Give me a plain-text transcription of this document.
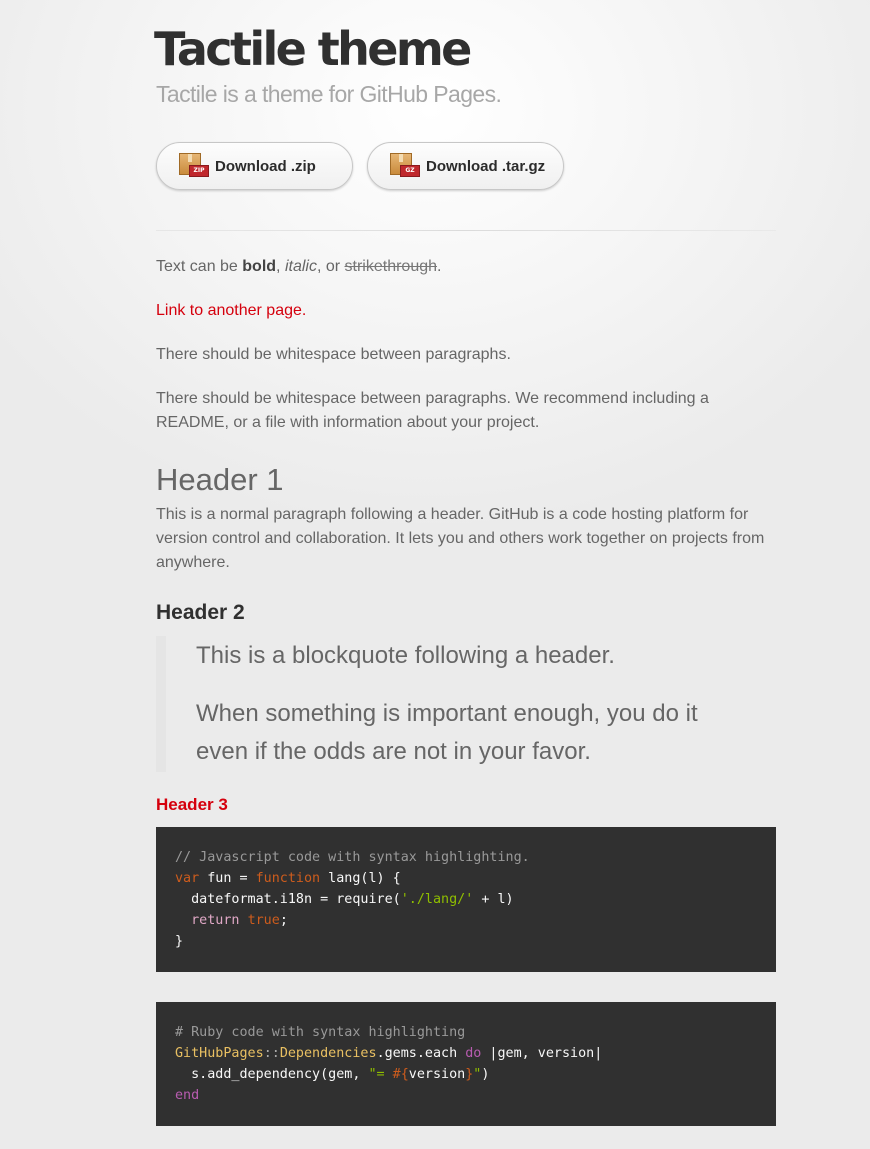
Tactile theme
Tactile is a theme for GitHub Pages.
ZIP Download .zip	GZ Download .tar.gz

Text can be bold, italic, or strikethrough.

Link to another page.

There should be whitespace between paragraphs.

There should be whitespace between paragraphs. We recommend including a README, or a file with information about your project.

Header 1

This is a normal paragraph following a header. GitHub is a code hosting platform for version control and collaboration. It lets you and others work together on projects from anywhere.

Header 2

This is a blockquote following a header.

When something is important enough, you do it

even if the odds are not in your favor.

Header 3
// Javascript code with syntax highlighting.
var fun = function lang(l) {
dateformat.i18n = require('./lang/' + l)
return true;
}
# Ruby code with syntax highlighting
GitHubPages::Dependencies.gems.each do |gem, version|
s.add_dependency(gem, "= #{version}")
end
